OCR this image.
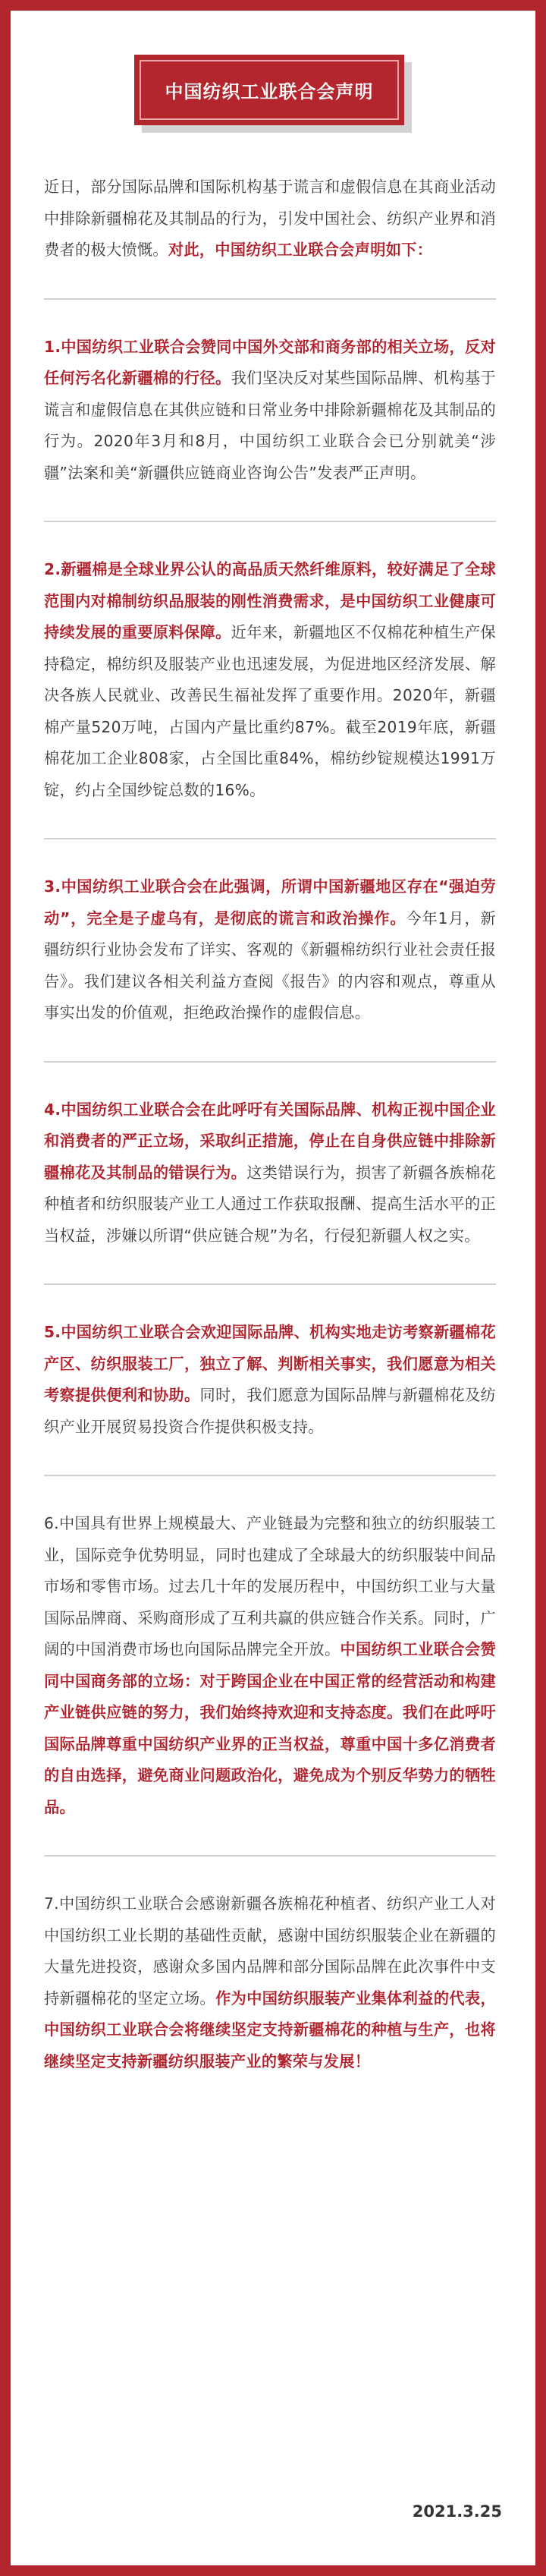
中国纺织工业联合会声明

近日，部分国际品牌和国际机构基于谎言和虚假信息在其商业活动中排除新疆棉花及其制品的行为，引发中国社会、纺织产业界和消费者的极大愤慨。对此，中国纺织工业联合会声明如下：

1.中国纺织工业联合会赞同中国外交部和商务部的相关立场，反对任何污名化新疆棉的行径。我们坚决反对某些国际品牌、机构基于谎言和虚假信息在其供应链和日常业务中排除新疆棉花及其制品的行为。2020年3月和8月，中国纺织工业联合会已分别就美“涉疆”法案和美“新疆供应链商业咨询公告”发表严正声明。

2.新疆棉是全球业界公认的高品质天然纤维原料，较好满足了全球范围内对棉制纺织品服装的刚性消费需求，是中国纺织工业健康可持续发展的重要原料保障。近年来，新疆地区不仅棉花种植生产保持稳定，棉纺织及服装产业也迅速发展，为促进地区经济发展、解决各族人民就业、改善民生福祉发挥了重要作用。2020年，新疆棉产量520万吨，占国内产量比重约87%。截至2019年底，新疆棉花加工企业808家，占全国比重84%，棉纺纱锭规模达1991万锭，约占全国纱锭总数的16%。

3.中国纺织工业联合会在此强调，所谓中国新疆地区存在“强迫劳动”，完全是子虚乌有，是彻底的谎言和政治操作。今年1月，新疆纺织行业协会发布了详实、客观的《新疆棉纺织行业社会责任报告》。我们建议各相关利益方查阅《报告》的内容和观点，尊重从事实出发的价值观，拒绝政治操作的虚假信息。

4.中国纺织工业联合会在此呼吁有关国际品牌、机构正视中国企业和消费者的严正立场，采取纠正措施，停止在自身供应链中排除新疆棉花及其制品的错误行为。这类错误行为，损害了新疆各族棉花种植者和纺织服装产业工人通过工作获取报酬、提高生活水平的正当权益，涉嫌以所谓“供应链合规”为名，行侵犯新疆人权之实。

5.中国纺织工业联合会欢迎国际品牌、机构实地走访考察新疆棉花产区、纺织服装工厂，独立了解、判断相关事实，我们愿意为相关考察提供便利和协助。同时，我们愿意为国际品牌与新疆棉花及纺织产业开展贸易投资合作提供积极支持。

6.中国具有世界上规模最大、产业链最为完整和独立的纺织服装工业，国际竞争优势明显，同时也建成了全球最大的纺织服装中间品市场和零售市场。过去几十年的发展历程中，中国纺织工业与大量国际品牌商、采购商形成了互利共赢的供应链合作关系。同时，广阔的中国消费市场也向国际品牌完全开放。中国纺织工业联合会赞同中国商务部的立场：对于跨国企业在中国正常的经营活动和构建产业链供应链的努力，我们始终持欢迎和支持态度。我们在此呼吁国际品牌尊重中国纺织产业界的正当权益，尊重中国十多亿消费者的自由选择，避免商业问题政治化，避免成为个别反华势力的牺牲品。

7.中国纺织工业联合会感谢新疆各族棉花种植者、纺织产业工人对中国纺织工业长期的基础性贡献，感谢中国纺织服装企业在新疆的大量先进投资，感谢众多国内品牌和部分国际品牌在此次事件中支持新疆棉花的坚定立场。作为中国纺织服装产业集体利益的代表，中国纺织工业联合会将继续坚定支持新疆棉花的种植与生产，也将继续坚定支持新疆纺织服装产业的繁荣与发展！

2021.3.25
